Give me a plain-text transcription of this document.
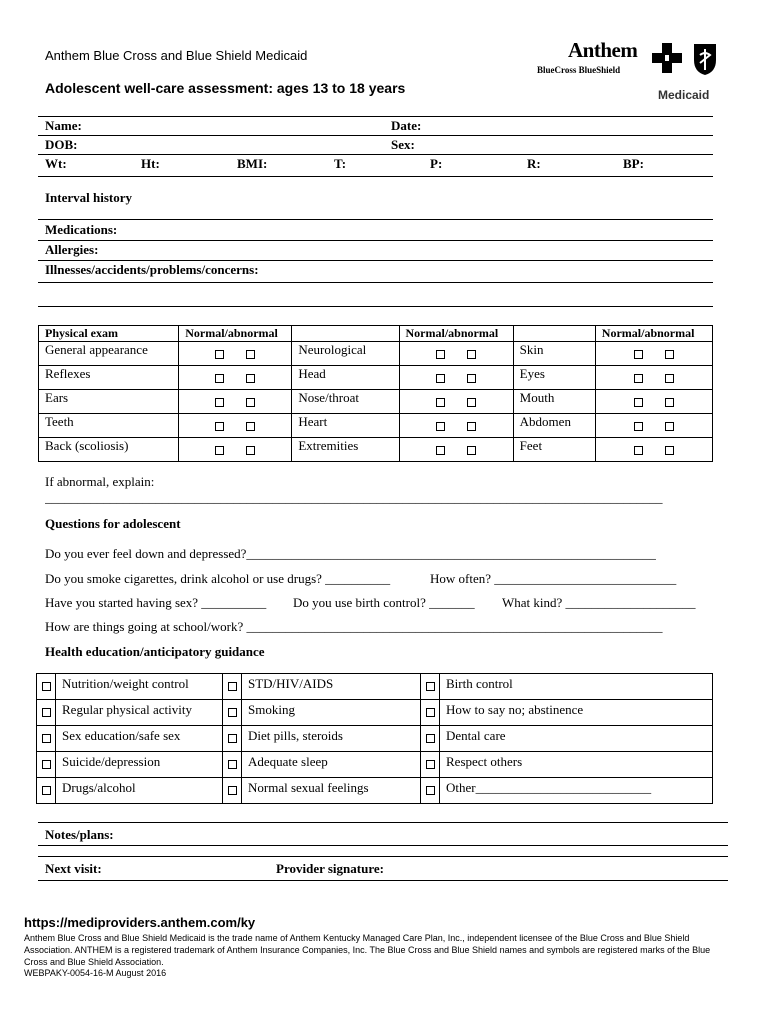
Anthem Blue Cross and Blue Shield Medicaid
Adolescent well-care assessment: ages 13 to 18 years
Anthem
BlueCross BlueShield
Medicaid
Name:	Date:
DOB:	Sex:
Wt:	Ht:	BMI:	T:	P:	R:	BP:
Interval history
Medications:
Allergies:
Illnesses/accidents/problems/concerns:
Physical exam	Normal/abnormal		Normal/abnormal		Normal/abnormal
General appearance		Neurological		Skin	
Reflexes		Head		Eyes	
Ears		Nose/throat		Mouth	
Teeth		Heart		Abdomen	
Back (scoliosis)		Extremities		Feet	
If abnormal, explain:
_______________________________________________________________________________________________
Questions for adolescent
Do you ever feel down and depressed?_______________________________________________________________
Do you smoke cigarettes, drink alcohol or use drugs? __________	How often? ____________________________
Have you started having sex? __________ Do you use birth control? _______ What kind? ____________________
How are things going at school/work? ________________________________________________________________
Health education/anticipatory guidance
	Nutrition/weight control		STD/HIV/AIDS		Birth control
	Regular physical activity		Smoking		How to say no; abstinence
	Sex education/safe sex		Diet pills, steroids		Dental care
	Suicide/depression		Adequate sleep		Respect others
	Drugs/alcohol		Normal sexual feelings		Other___________________________
Notes/plans:
Next visit:	Provider signature:
https://mediproviders.anthem.com/ky
Anthem Blue Cross and Blue Shield Medicaid is the trade name of Anthem Kentucky Managed Care Plan, Inc., independent licensee of the Blue Cross and Blue Shield Association. ANTHEM is a registered trademark of Anthem Insurance Companies, Inc. The Blue Cross and Blue Shield names and symbols are registered marks of the Blue Cross and Blue Shield Association.
WEBPAKY-0054-16-M August 2016
